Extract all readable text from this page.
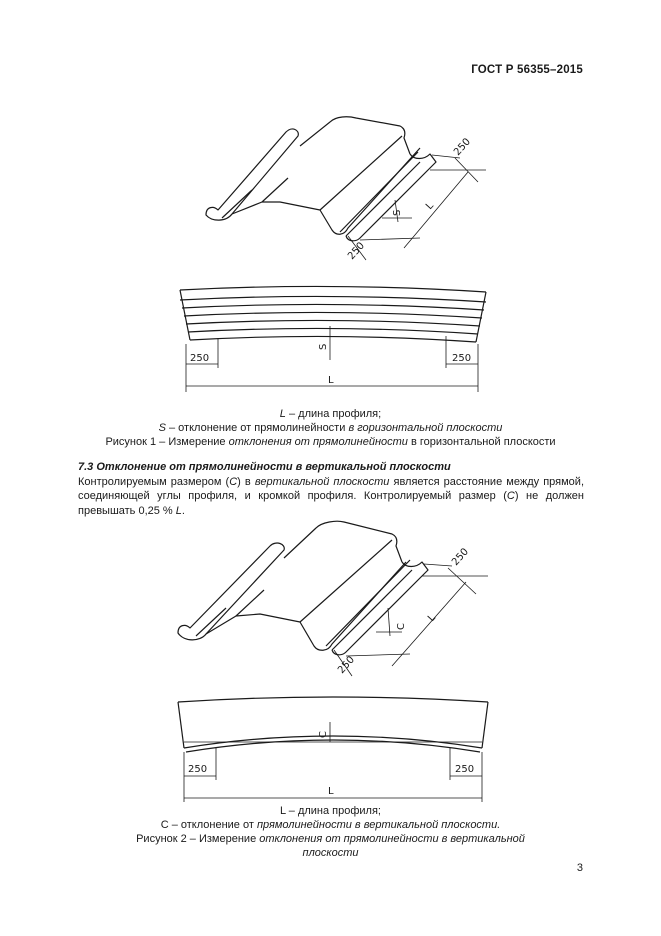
ГОСТ Р 56355–2015
250
L
S
250
250	250
L
S
L – длина профиля;
S – отклонение от прямолинейности в горизонтальной плоскости
Рисунок 1 – Измерение отклонения от прямолинейности в горизонтальной плоскости
7.3 Отклонение от прямолинейности в вертикальной плоскости
Контролируемым размером (С) в вертикальной плоскости является расстояние между прямой, соединяющей углы профиля, и кромкой профиля. Контролируемый размер (С) не должен превышать 0,25 % L.
250
L
C
250
250	250
L
C
L – длина профиля;
С – отклонение от прямолинейности в вертикальной плоскости.
Рисунок 2 – Измерение отклонения от прямолинейности в вертикальной
плоскости
3
